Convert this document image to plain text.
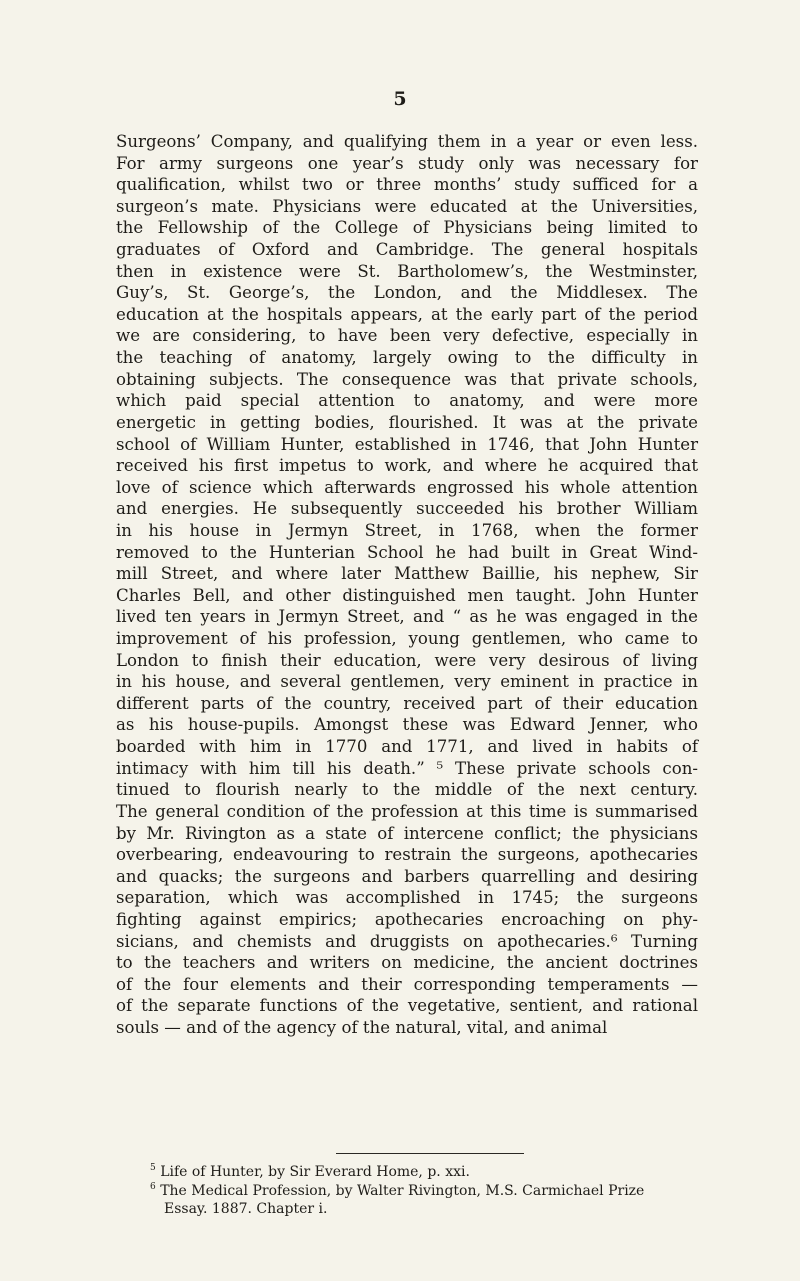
5
Surgeons’ Company, and qualifying them in a year or even less.
For army surgeons one year’s study only was necessary for
qualification, whilst two or three months’ study sufficed for a
surgeon’s mate. Physicians were educated at the Universities,
the Fellowship of the College of Physicians being limited to
graduates of Oxford and Cambridge. The general hospitals
then in existence were St. Bartholomew’s, the Westminster,
Guy’s, St. George’s, the London, and the Middlesex. The
education at the hospitals appears, at the early part of the period
we are considering, to have been very defective, especially in
the teaching of anatomy, largely owing to the difficulty in
obtaining subjects. The consequence was that private schools,
which paid special attention to anatomy, and were more
energetic in getting bodies, flourished. It was at the private
school of William Hunter, established in 1746, that John Hunter
received his first impetus to work, and where he acquired that
love of science which afterwards engrossed his whole attention
and energies. He subsequently succeeded his brother William
in his house in Jermyn Street, in 1768, when the former
removed to the Hunterian School he had built in Great Wind-
mill Street, and where later Matthew Baillie, his nephew, Sir
Charles Bell, and other distinguished men taught. John Hunter
lived ten years in Jermyn Street, and “ as he was engaged in the
improvement of his profession, young gentlemen, who came to
London to finish their education, were very desirous of living
in his house, and several gentlemen, very eminent in practice in
different parts of the country, received part of their education
as his house-pupils. Amongst these was Edward Jenner, who
boarded with him in 1770 and 1771, and lived in habits of
intimacy with him till his death.” ⁵ These private schools con-
tinued to flourish nearly to the middle of the next century.
The general condition of the profession at this time is summarised
by Mr. Rivington as a state of intercene conflict; the physicians
overbearing, endeavouring to restrain the surgeons, apothecaries
and quacks; the surgeons and barbers quarrelling and desiring
separation, which was accomplished in 1745; the surgeons
fighting against empirics; apothecaries encroaching on phy-
sicians, and chemists and druggists on apothecaries.⁶ Turning
to the teachers and writers on medicine, the ancient doctrines
of the four elements and their corresponding temperaments —
of the separate functions of the vegetative, sentient, and rational
souls — and of the agency of the natural, vital, and animal
$^5$ Life of Hunter, by Sir Everard Home, p. xxi.
$^6$ The Medical Profession, by Walter Rivington, M.S. Carmichael Prize
Essay. 1887. Chapter i.
